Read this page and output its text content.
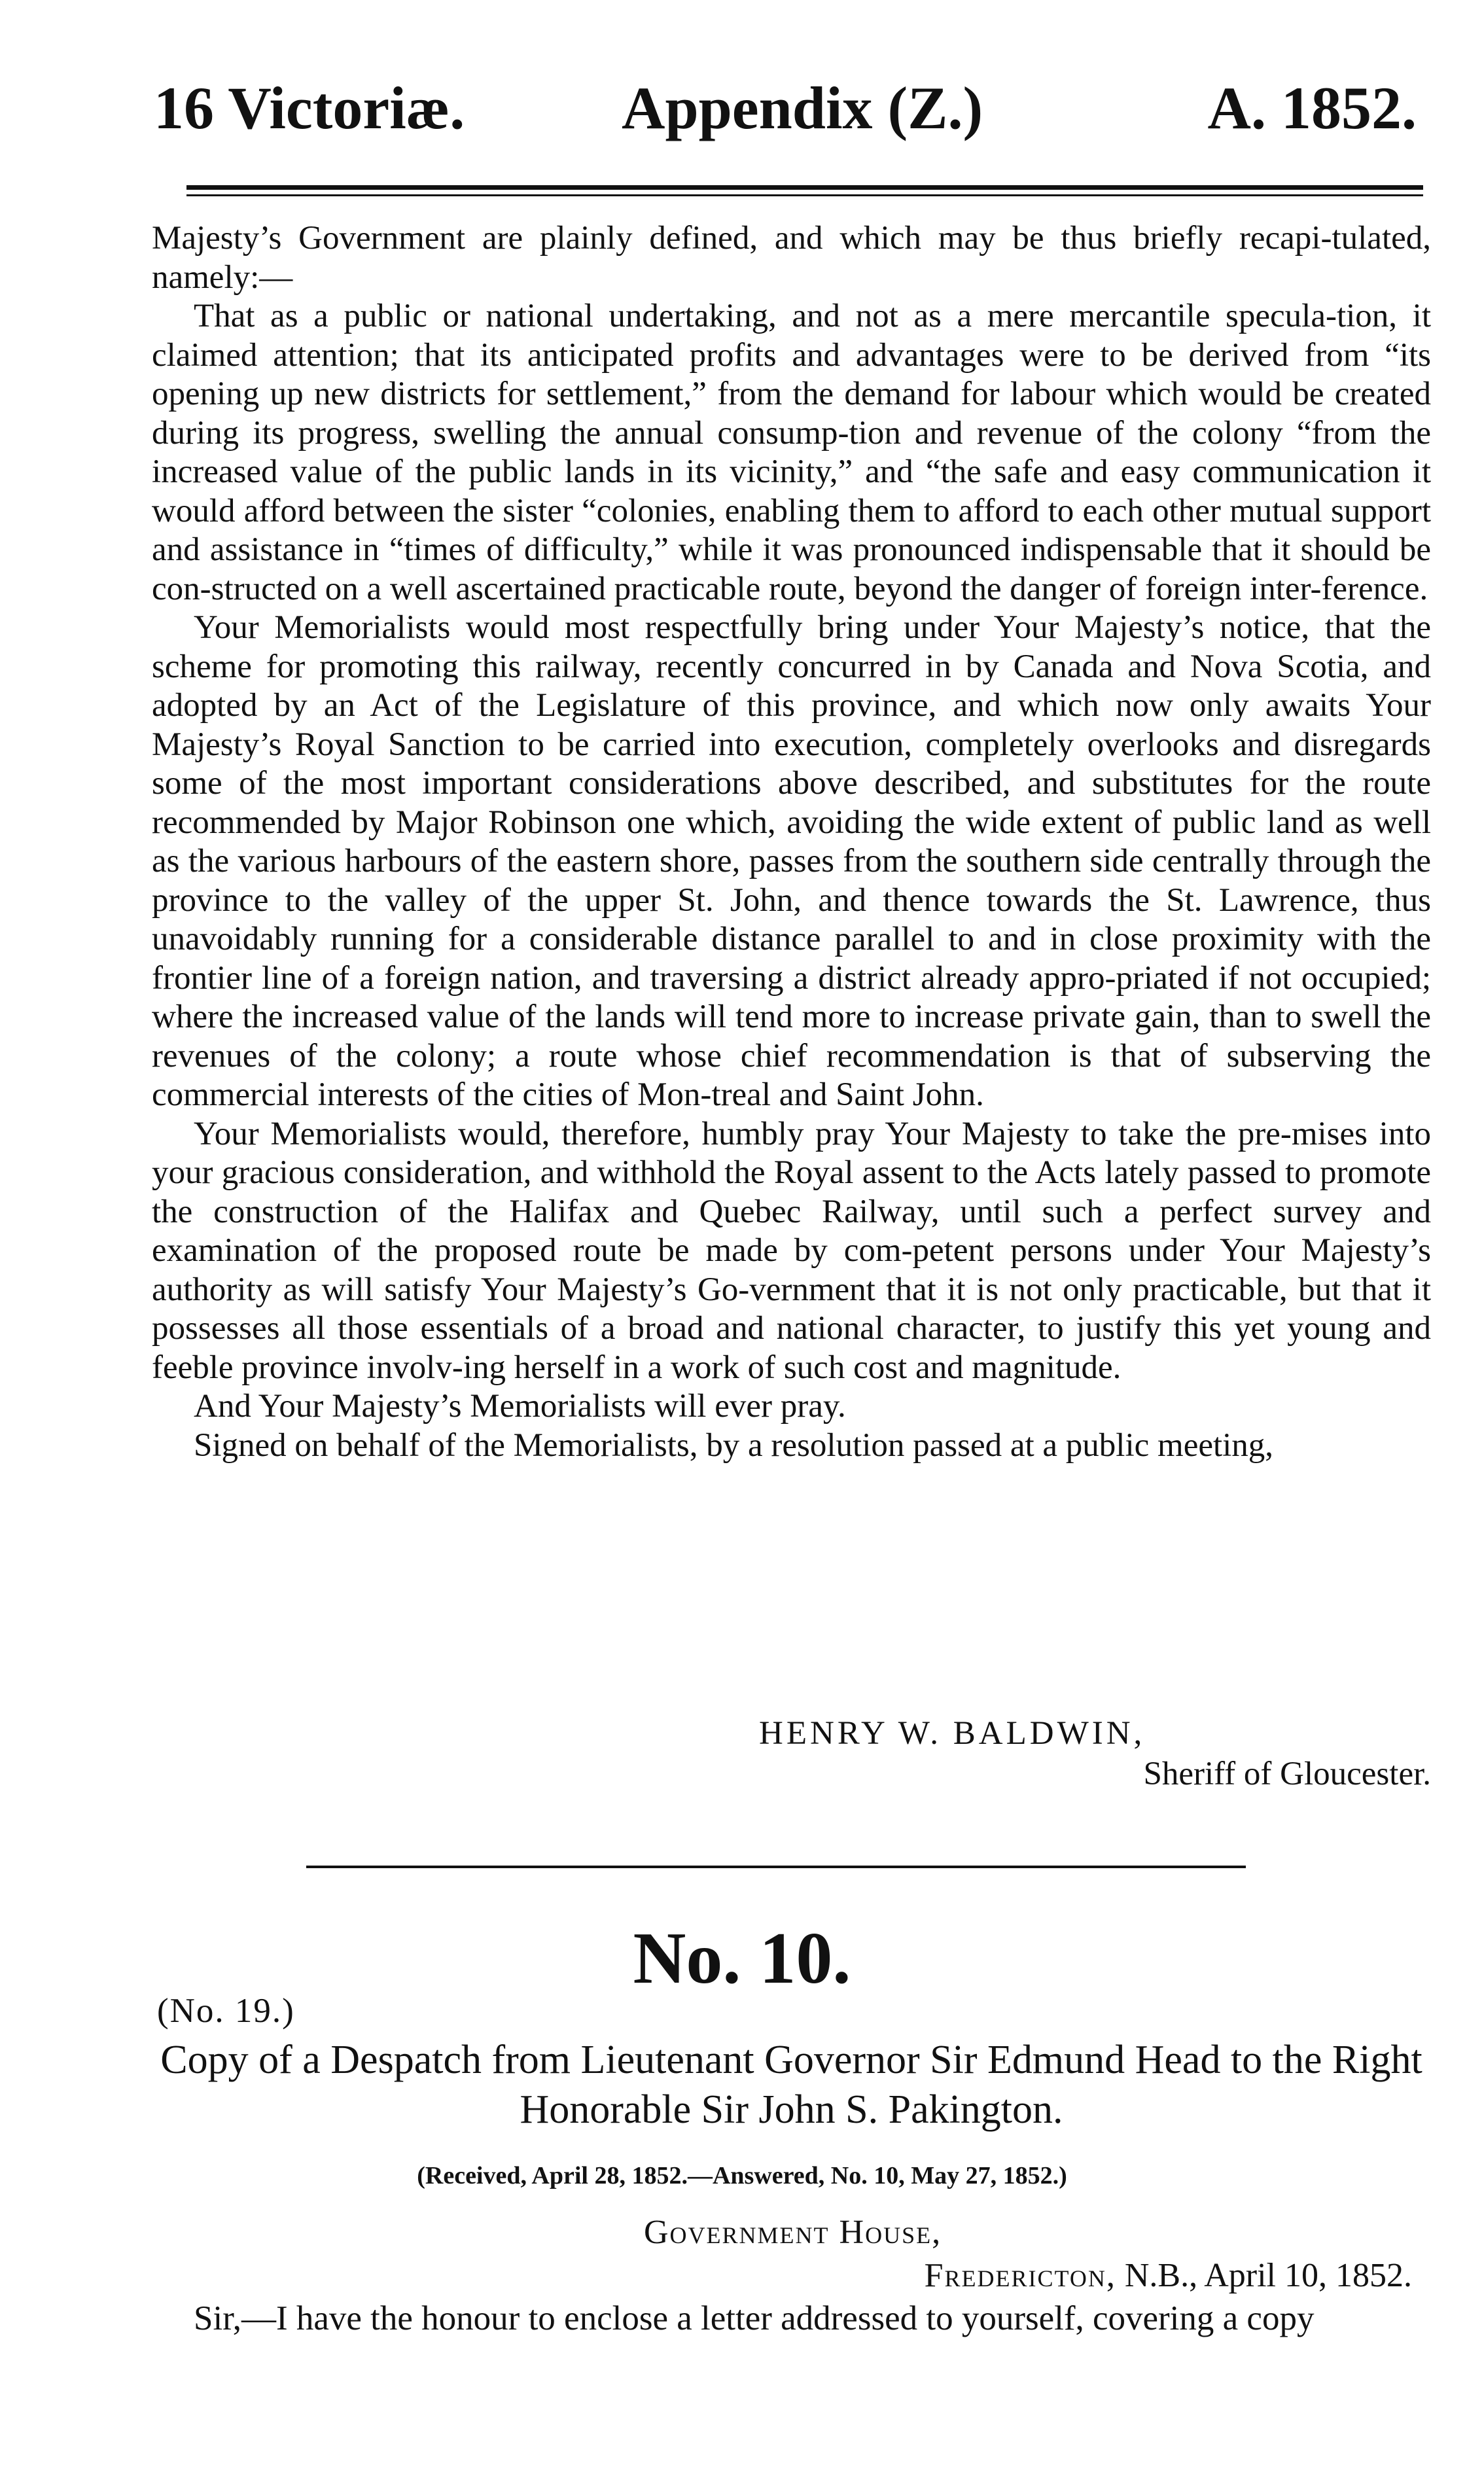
16 Victoriæ.	Appendix (Z.)	A. 1852.

Majesty’s Government are plainly defined, and which may be thus briefly recapi-tulated, namely:—

That as a public or national undertaking, and not as a mere mercantile specula-tion, it claimed attention; that its anticipated profits and advantages were to be derived from “its opening up new districts for settlement,” from the demand for labour which would be created during its progress, swelling the annual consump-tion and revenue of the colony “from the increased value of the public lands in its vicinity,” and “the safe and easy communication it would afford between the sister “colonies, enabling them to afford to each other mutual support and assistance in “times of difficulty,” while it was pronounced indispensable that it should be con-structed on a well ascertained practicable route, beyond the danger of foreign inter-ference.

Your Memorialists would most respectfully bring under Your Majesty’s notice, that the scheme for promoting this railway, recently concurred in by Canada and Nova Scotia, and adopted by an Act of the Legislature of this province, and which now only awaits Your Majesty’s Royal Sanction to be carried into execution, completely overlooks and disregards some of the most important considerations above described, and substitutes for the route recommended by Major Robinson one which, avoiding the wide extent of public land as well as the various harbours of the eastern shore, passes from the southern side centrally through the province to the valley of the upper St. John, and thence towards the St. Lawrence, thus unavoidably running for a considerable distance parallel to and in close proximity with the frontier line of a foreign nation, and traversing a district already appro-priated if not occupied; where the increased value of the lands will tend more to increase private gain, than to swell the revenues of the colony; a route whose chief recommendation is that of subserving the commercial interests of the cities of Mon-treal and Saint John.

Your Memorialists would, therefore, humbly pray Your Majesty to take the pre-mises into your gracious consideration, and withhold the Royal assent to the Acts lately passed to promote the construction of the Halifax and Quebec Railway, until such a perfect survey and examination of the proposed route be made by com-petent persons under Your Majesty’s authority as will satisfy Your Majesty’s Go-vernment that it is not only practicable, but that it possesses all those essentials of a broad and national character, to justify this yet young and feeble province involv-ing herself in a work of such cost and magnitude.

And Your Majesty’s Memorialists will ever pray.

Signed on behalf of the Memorialists, by a resolution passed at a public meeting,

HENRY W. BALDWIN,
Sheriff of Gloucester.
No. 10.
(No. 19.)
Copy of a Despatch from Lieutenant Governor Sir Edmund Head to the Right Honorable Sir John S. Pakington.
(Received, April 28, 1852.—Answered, No. 10, May 27, 1852.)
Government House,
Fredericton, N.B., April 10, 1852.
Sir,—I have the honour to enclose a letter addressed to yourself, covering a copy
